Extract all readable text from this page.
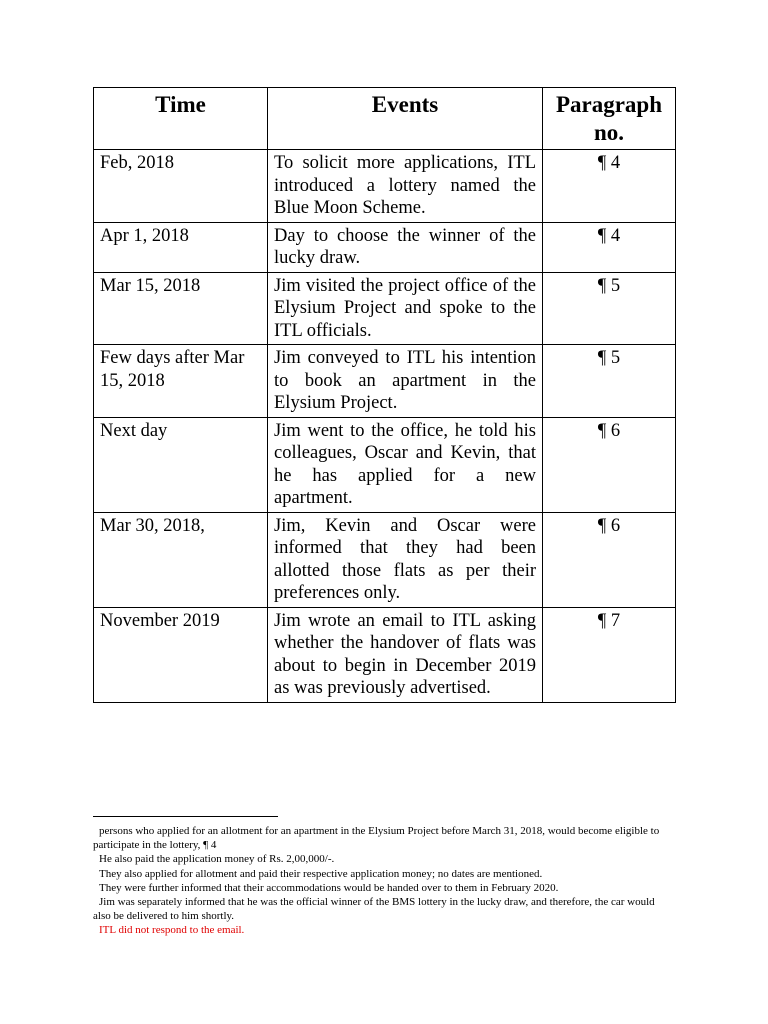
Time	Events	Paragraph no.
Feb, 2018	To solicit more applications, ITL introduced a lottery named the Blue Moon Scheme.	¶ 4
Apr 1, 2018	Day to choose the winner of the lucky draw.	¶ 4
Mar 15, 2018	Jim visited the project office of the Elysium Project and spoke to the ITL officials.	¶ 5
Few days after Mar 15, 2018	Jim conveyed to ITL his intention to book an apartment in the Elysium Project.	¶ 5
Next day	Jim went to the office, he told his colleagues, Oscar and Kevin, that he has applied for a new apartment.	¶ 6
Mar 30, 2018,	Jim, Kevin and Oscar were informed that they had been allotted those flats as per their preferences only.	¶ 6
November 2019	Jim wrote an email to ITL asking whether the handover of flats was about to begin in December 2019 as was previously advertised.	¶ 7

persons who applied for an allotment for an apartment in the Elysium Project before March 31, 2018, would become eligible to participate in the lottery, ¶ 4

He also paid the application money of Rs. 2,00,000/-.

They also applied for allotment and paid their respective application money; no dates are mentioned.

They were further informed that their accommodations would be handed over to them in February 2020.

Jim was separately informed that he was the official winner of the BMS lottery in the lucky draw, and therefore, the car would also be delivered to him shortly.

ITL did not respond to the email.
